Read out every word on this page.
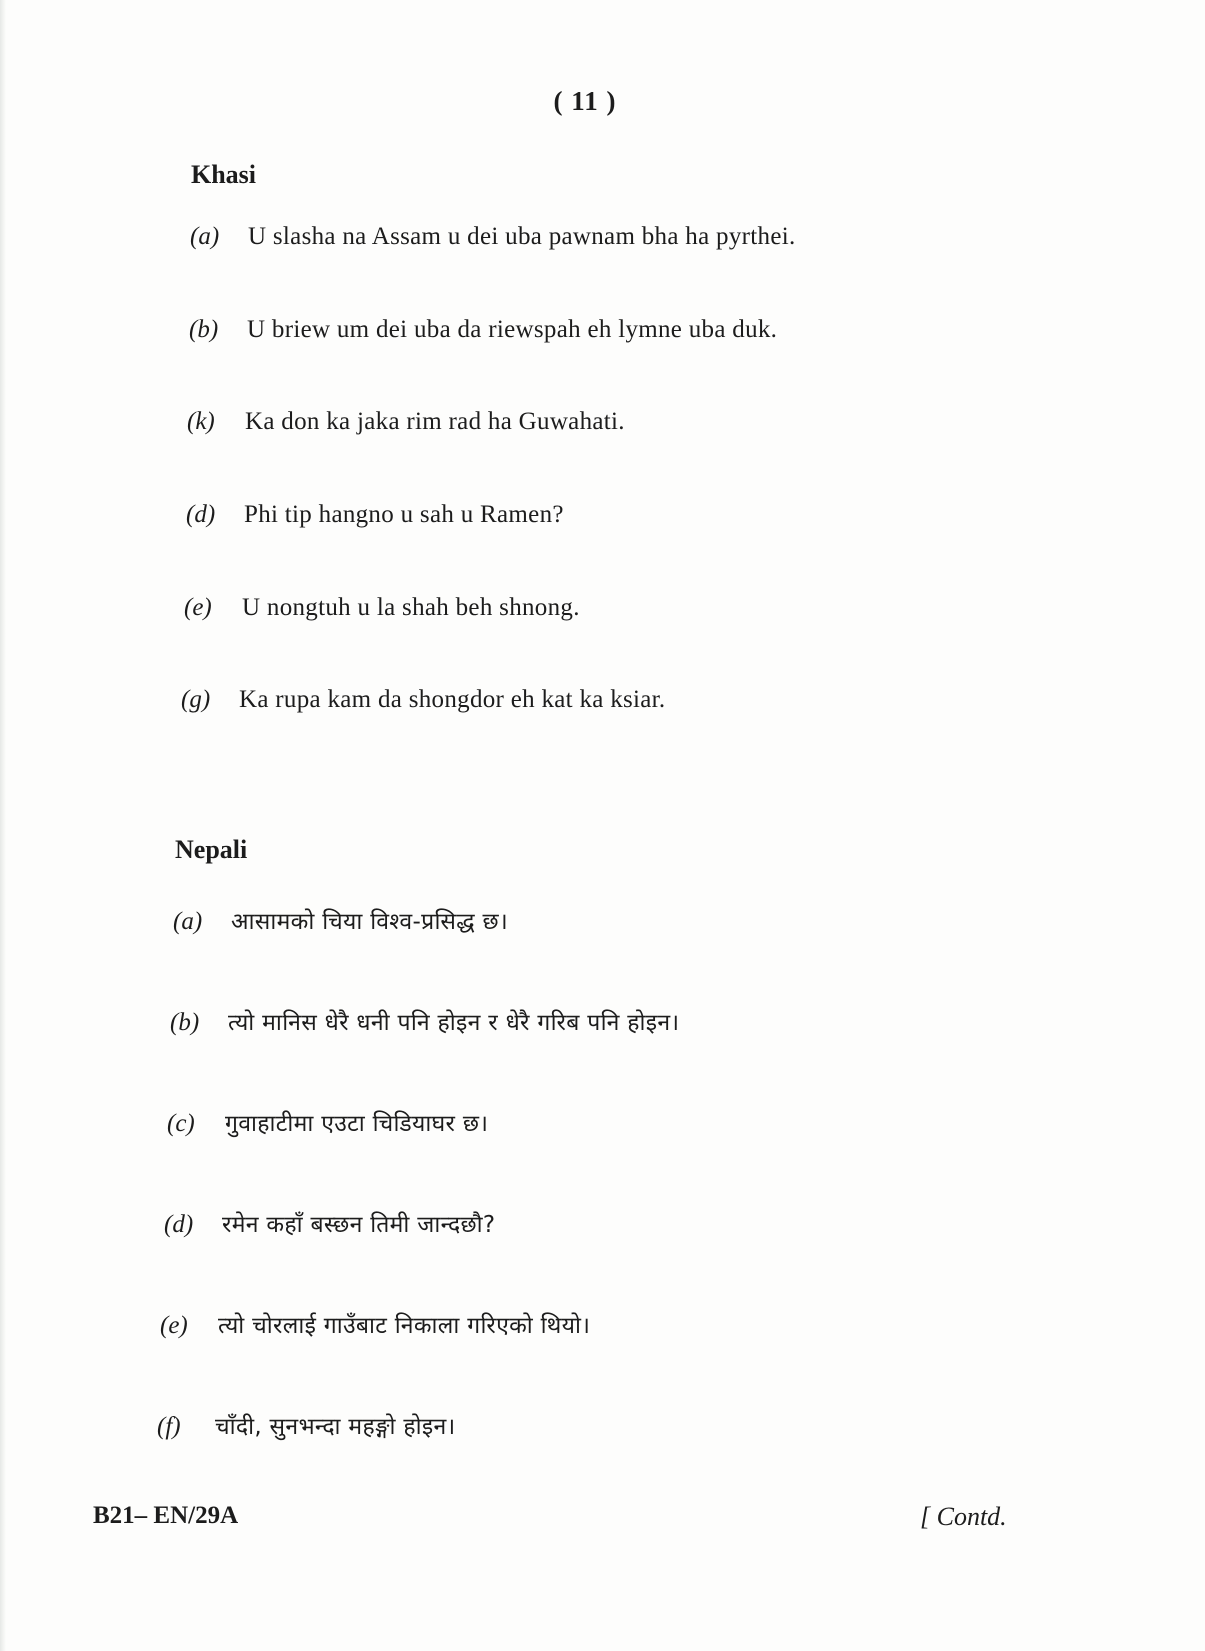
( 11 )
Khasi
(a)	U slasha na Assam u dei uba pawnam bha ha pyrthei.
(b)	U briew um dei uba da riewspah eh lymne uba duk.
(k)	Ka don ka jaka rim rad ha Guwahati.
(d)	Phi tip hangno u sah u Ramen?
(e)	U nongtuh u la shah beh shnong.
(g)	Ka rupa kam da shongdor eh kat ka ksiar.
Nepali
(a)	आसामको चिया विश्व-प्रसिद्ध छ।
(b)	त्यो मानिस धेरै धनी पनि होइन र धेरै गरिब पनि होइन।
(c)	गुवाहाटीमा एउटा चिडियाघर छ।
(d)	रमेन कहाँ बस्छन तिमी जान्दछौ?
(e)	त्यो चोरलाई गाउँबाट निकाला गरिएको थियो।
(f)	चाँदी, सुनभन्दा महङ्गो होइन।
B21– EN/29A	[ Contd.
